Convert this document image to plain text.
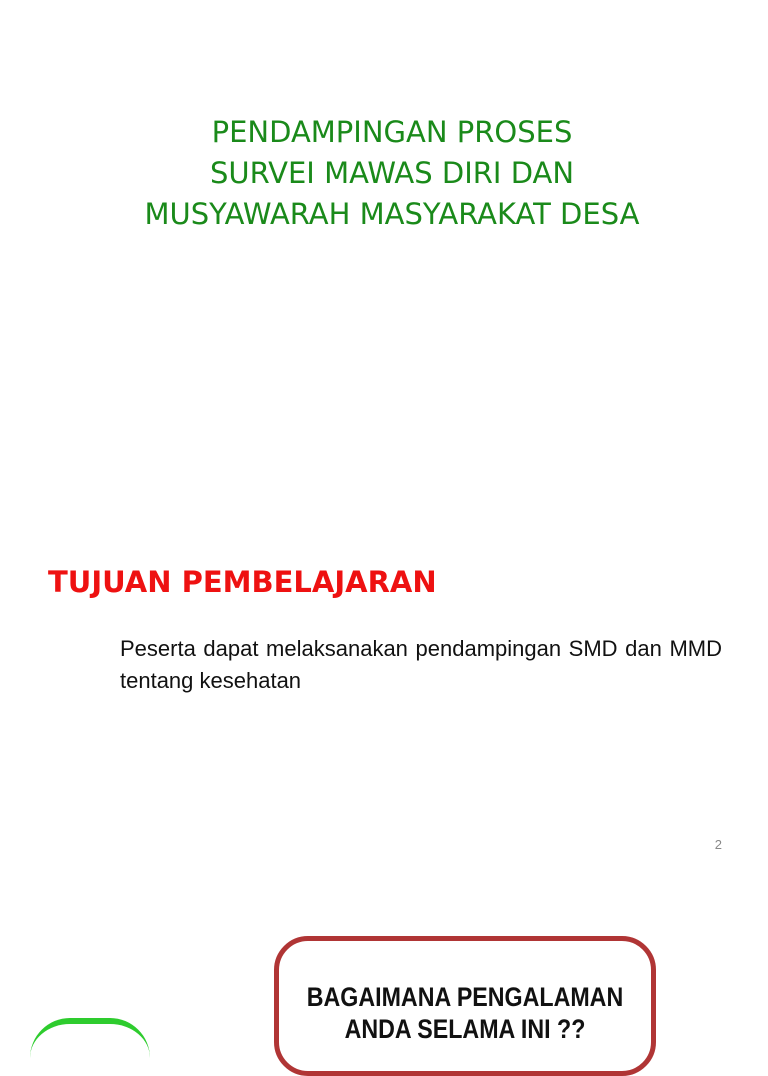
PENDAMPINGAN PROSES
SURVEI MAWAS DIRI DAN
MUSYAWARAH MASYARAKAT DESA
TUJUAN PEMBELAJARAN
Peserta dapat melaksanakan pendampingan SMD dan MMD tentang kesehatan
2
BAGAIMANA PENGALAMAN
ANDA SELAMA INI ??
